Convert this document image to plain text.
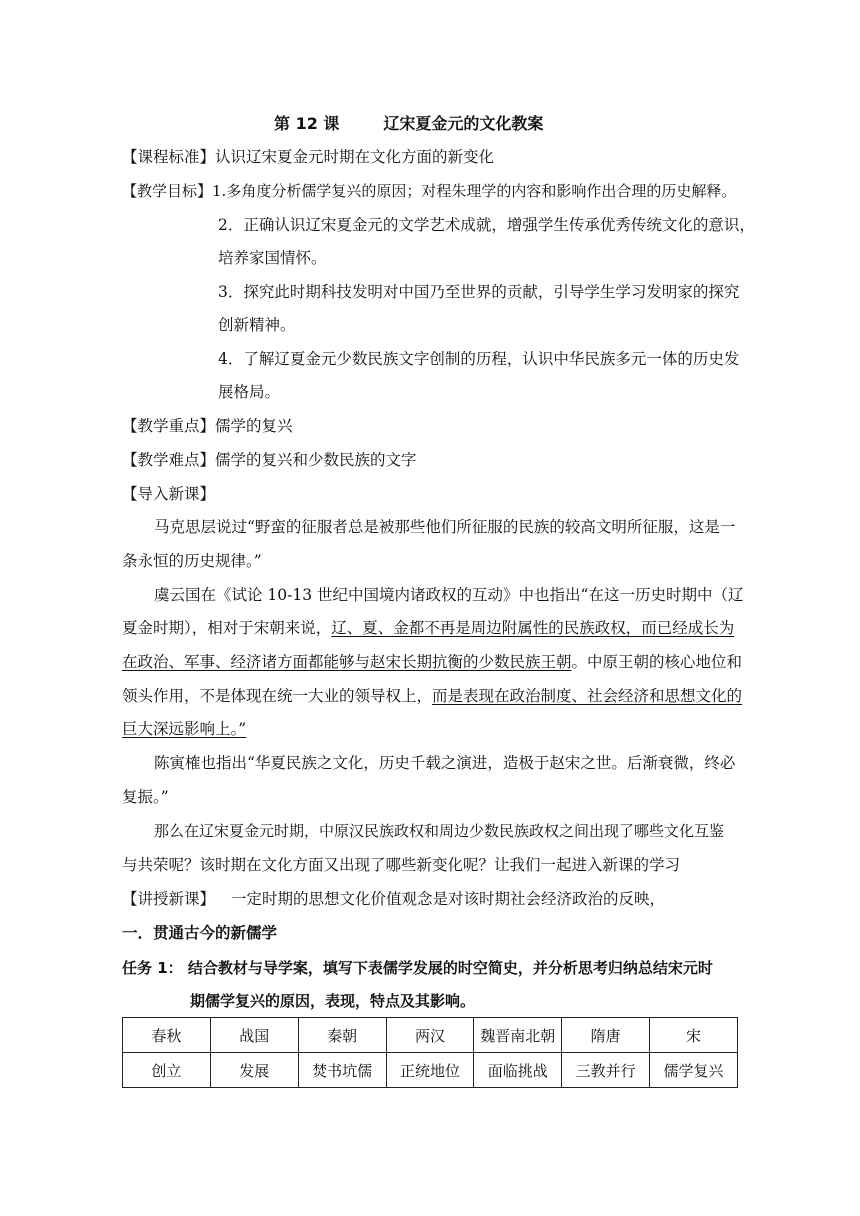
第 12 课	辽宋夏金元的文化教案
【课程标准】认识辽宋夏金元时期在文化方面的新变化
【教学目标】1.多角度分析儒学复兴的原因；对程朱理学的内容和影响作出合理的历史解释。
2．正确认识辽宋夏金元的文学艺术成就，增强学生传承优秀传统文化的意识，
培养家国情怀。
3．探究此时期科技发明对中国乃至世界的贡献，引导学生学习发明家的探究
创新精神。
4．了解辽夏金元少数民族文字创制的历程，认识中华民族多元一体的历史发
展格局。
【教学重点】儒学的复兴
【教学难点】儒学的复兴和少数民族的文字
【导入新课】
马克思层说过“野蛮的征服者总是被那些他们所征服的民族的较高文明所征服，这是一
条永恒的历史规律。”
虞云国在《试论 10-13 世纪中国境内诸政权的互动》中也指出“在这一历史时期中（辽
夏金时期），相对于宋朝来说，辽、夏、金都不再是周边附属性的民族政权，而已经成长为
在政治、军事、经济诸方面都能够与赵宋长期抗衡的少数民族王朝。中原王朝的核心地位和
领头作用，不是体现在统一大业的领导权上，而是表现在政治制度、社会经济和思想文化的
巨大深远影响上。”
陈寅榷也指出“华夏民族之文化，历史千载之演进，造极于赵宋之世。后渐衰微，终必
复振。”
那么在辽宋夏金元时期，中原汉民族政权和周边少数民族政权之间出现了哪些文化互鉴
与共荣呢？该时期在文化方面又出现了哪些新变化呢？让我们一起进入新课的学习
【讲授新课】 一定时期的思想文化价值观念是对该时期社会经济政治的反映，
一．贯通古今的新儒学
任务 1： 结合教材与导学案，填写下表儒学发展的时空简史，并分析思考归纳总结宋元时
期儒学复兴的原因，表现，特点及其影响。
春秋	战国	秦朝	两汉	魏晋南北朝	隋唐	宋
创立	发展	焚书坑儒	正统地位	面临挑战	三教并行	儒学复兴
